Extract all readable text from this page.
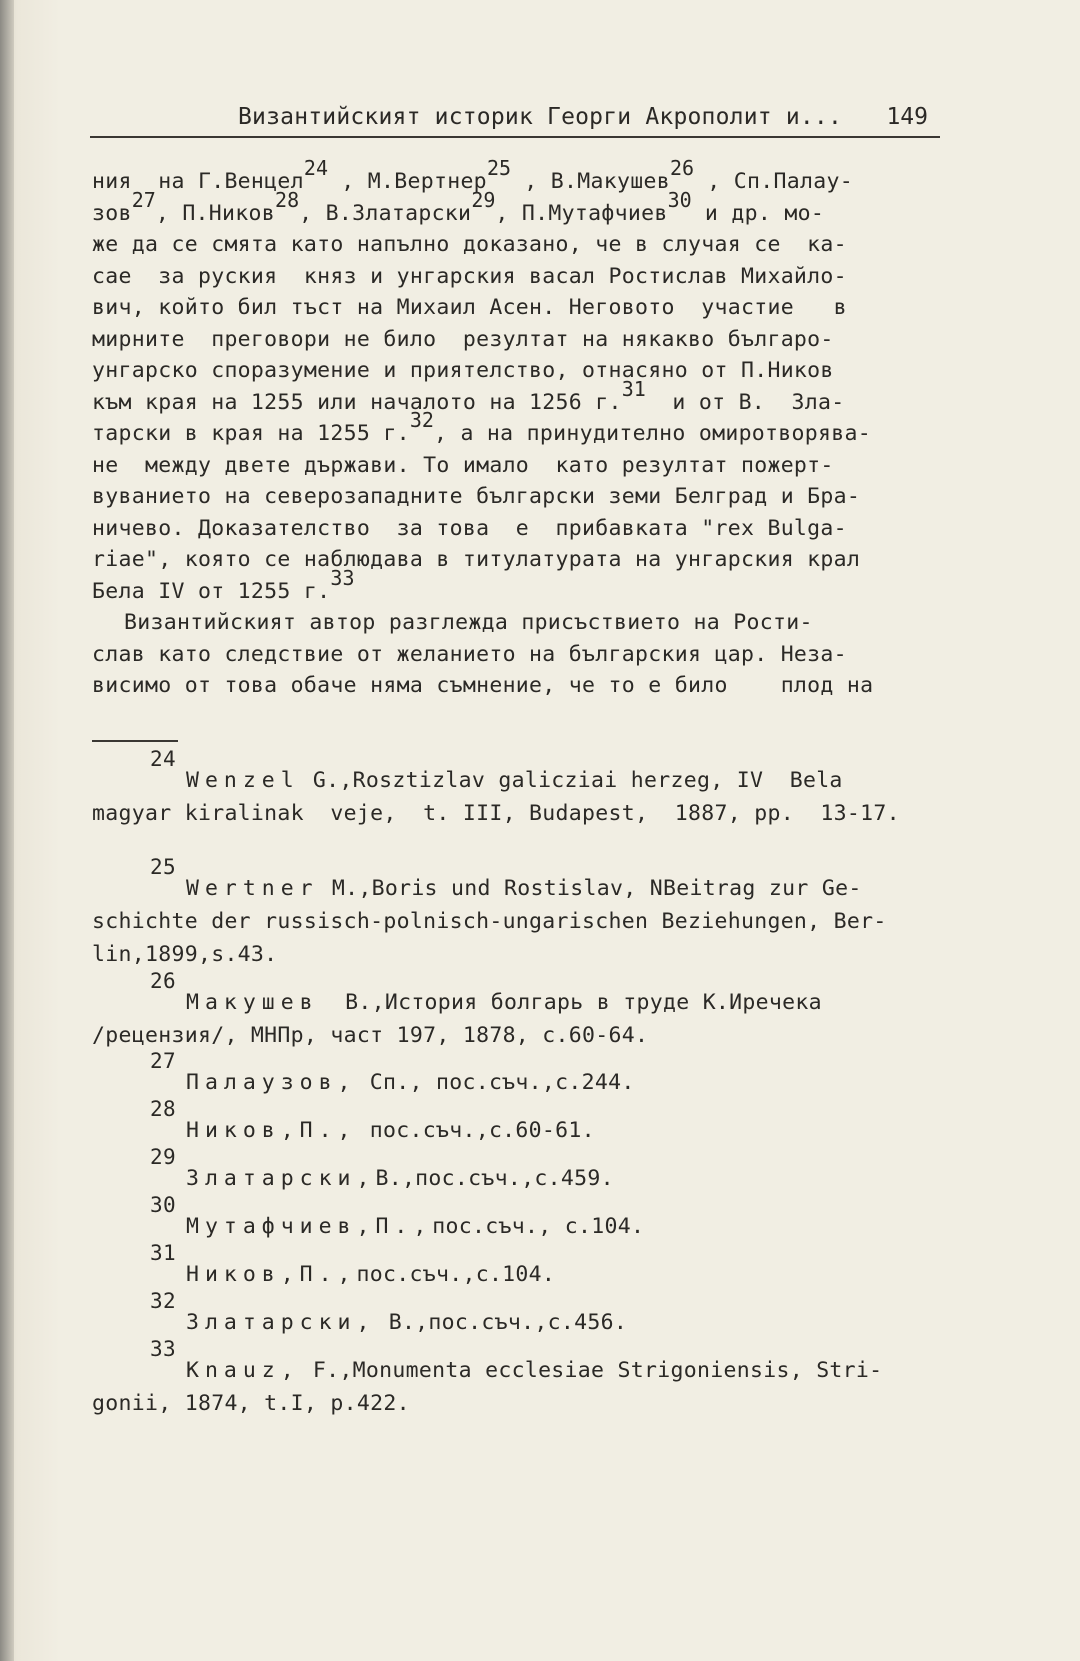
Византийският историк Георги Акрополит и... 149
ния  на Г.Венцел$^{24}$ , М.Вертнер$^{25}$ , В.Макушев$^{26}$ , Сп.Палау-
зов$^{27}$, П.Ников$^{28}$, В.Златарски$^{29}$, П.Мутафчиев$^{30}$ и др. мо-
же да се смята като напълно доказано, че в случая се  ка-
сае  за руския  княз и унгарския васал Ростислав Михайло-
вич, който бил тъст на Михаил Асен. Неговото  участие   в
мирните  преговори не било  резултат на някакво българо-
унгарско споразумение и приятелство, отнасяно от П.Ников
към края на 1255 или началото на 1256 г.$^{31}$  и от В.  Зла-
тарски в края на 1255 г.$^{32}$, а на принудително омиротворява-
не  между двете държави. То имало  като резултат пожерт-
вуванието на северозападните български земи Белград и Бра-
ничево. Доказателство  за това  е  прибавката "rex Bulga-
riae", която се наблюдава в титулатурата на унгарския крал
Бела IV от 1255 г.$^{33}$
Византийският автор разглежда присъствието на Рости-
слав като следствие от желанието на българския цар. Неза-
висимо от това обаче няма съмнение, че то е било    плод на
24
Wenzel G.,Rosztizlav galicziai herzeg, IV  Bela
magyar kiralinak  veje,  t. III, Budapest,  1887, pp.  13-17.
25
Wertner M.,Boris und Rostislav, NBeitrag zur Ge-
schichte der russisch-polnisch-ungarischen Beziehungen, Ber-
lin,1899,s.43.
26
Макушев  В.,История болгарь в труде К.Иречека
/рецензия/, МНПр, част 197, 1878, с.60-64.
27
Палаузов, Сп., пос.съч.,с.244.
28
Ников,П., пос.съч.,с.60-61.
29
Златарски,В.,пос.съч.,с.459.
30
Мутафчиев,П.,пос.съч., с.104.
31
Ников,П.,пос.съч.,с.104.
32
Златарски, В.,пос.съч.,с.456.
33
Knauz, F.,Monumenta ecclesiae Strigoniensis, Stri-
gonii, 1874, t.I, p.422.
